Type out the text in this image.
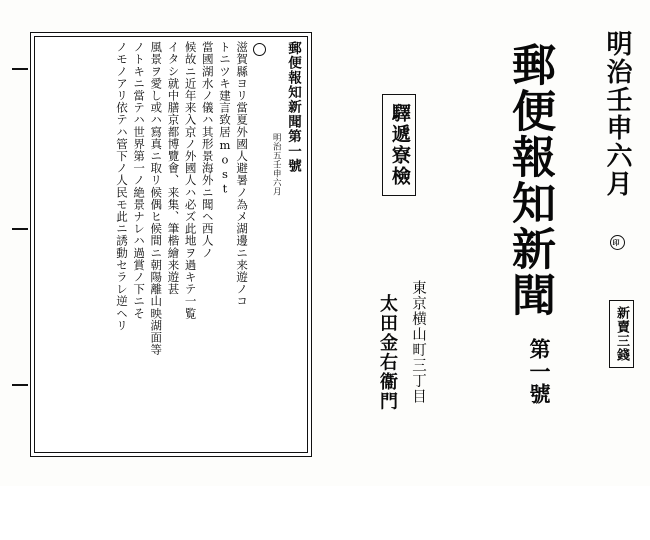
郵便報知新聞第一號
明治五壬申六月
滋賀縣ヨリ當夏外國人避暑ノ為メ湖邊ニ来遊ノコ
トニツキ建言致居most
當國湖水ノ儀ハ其形景海外ニ聞ヘ西人ノ
候故ニ近年来入京ノ外國人ハ必ズ此地ヲ過キテ一覧
イタシ就中膳京都博覽會、来集、筆楷繪来遊甚
風景ヲ愛し或ハ寫真ニ取リ候偶ヒ候間ニ朝陽離山映湖面等
ノトキニ當テハ世界第一ノ絶景ナレハ過賞ノ下ニそ
ノモノアリ依テハ管下ノ人民モ此ニ誘動セラレ逆ヘリ	明治壬申六月 印
新賣三錢
郵便報知新聞
第一號
驛遞寮檢
東京横山町三丁目
太田金右衞門
